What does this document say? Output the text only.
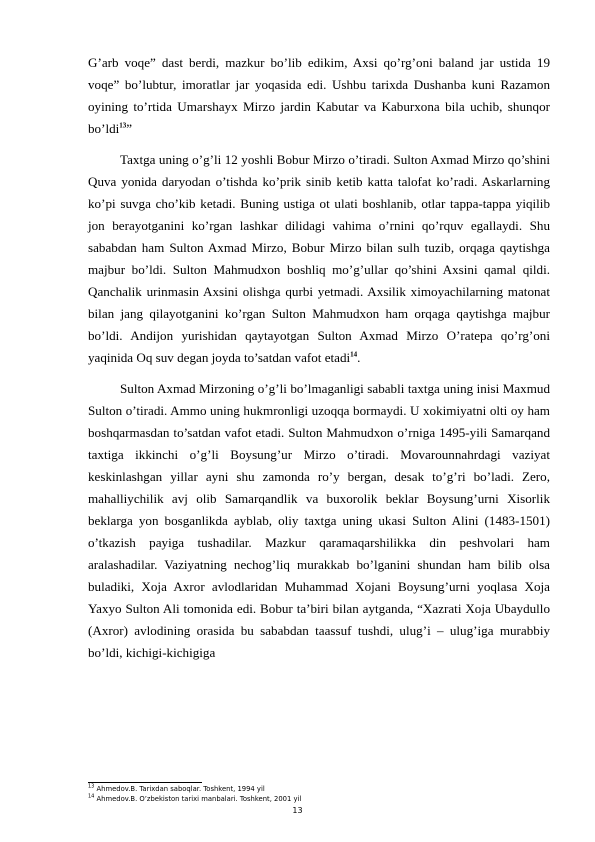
G’arb voqe” dast berdi, mazkur bo’lib edikim, Axsi qo’rg’oni baland jar ustida 19 voqe” bo’lubtur, imoratlar jar yoqasida edi. Ushbu tarixda Dushanba kuni Razamon oyining to’rtida Umarshayx Mirzo jardin Kabutar va Kaburxona bila uchib, shunqor bo’ldi$^{13}$”

Taxtga uning o’g’li 12 yoshli Bobur Mirzo o’tiradi. Sulton Axmad Mirzo qo’shini Quva yonida daryodan o’tishda ko’prik sinib ketib katta talofat ko’radi. Askarlarning ko’pi suvga cho’kib ketadi. Buning ustiga ot ulati boshlanib, otlar tappa-tappa yiqilib jon berayotganini ko’rgan lashkar dilidagi vahima o’rnini qo’rquv egallaydi. Shu sababdan ham Sulton Axmad Mirzo, Bobur Mirzo bilan sulh tuzib, orqaga qaytishga majbur bo’ldi. Sulton Mahmudxon boshliq mo’g’ullar qo’shini Axsini qamal qildi. Qanchalik urinmasin Axsini olishga qurbi yetmadi. Axsilik ximoyachilarning matonat bilan jang qilayotganini ko’rgan Sulton Mahmudxon ham orqaga qaytishga majbur bo’ldi. Andijon yurishidan qaytayotgan Sulton Axmad Mirzo O’ratepa qo’rg’oni yaqinida Oq suv degan joyda to’satdan vafot etadi$^{14}$.

Sulton Axmad Mirzoning o’g’li bo’lmaganligi sababli taxtga uning inisi Maxmud Sulton o’tiradi. Ammo uning hukmronligi uzoqqa bormaydi. U xokimiyatni olti oy ham boshqarmasdan to’satdan vafot etadi. Sulton Mahmudxon o’rniga 1495-yili Samarqand taxtiga ikkinchi o’g’li Boysung’ur Mirzo o’tiradi. Movarounnahrdagi vaziyat keskinlashgan yillar ayni shu zamonda ro’y bergan, desak to’g’ri bo’ladi. Zero, mahalliychilik avj olib Samarqandlik va buxorolik beklar Boysung’urni Xisorlik beklarga yon bosganlikda ayblab, oliy taxtga uning ukasi Sulton Alini (1483-1501) o’tkazish payiga tushadilar. Mazkur qaramaqarshilikka din peshvolari ham aralashadilar. Vaziyatning nechog’liq murakkab bo’lganini shundan ham bilib olsa buladiki, Xoja Axror avlodlaridan Muhammad Xojani Boysung’urni yoqlasa Xoja Yaxyo Sulton Ali tomonida edi. Bobur ta’biri bilan aytganda, “Xazrati Xoja Ubaydullo (Axror) avlodining orasida bu sababdan taassuf tushdi, ulug’i – ulug’iga murabbiy bo’ldi, kichigi-kichigiga

$^{13}$ Ahmedov.B. Tarixdan saboqlar. Toshkent, 1994 yil
$^{14}$ Ahmedov.B. O’zbekiston tarixi manbalari. Toshkent, 2001 yil
13
